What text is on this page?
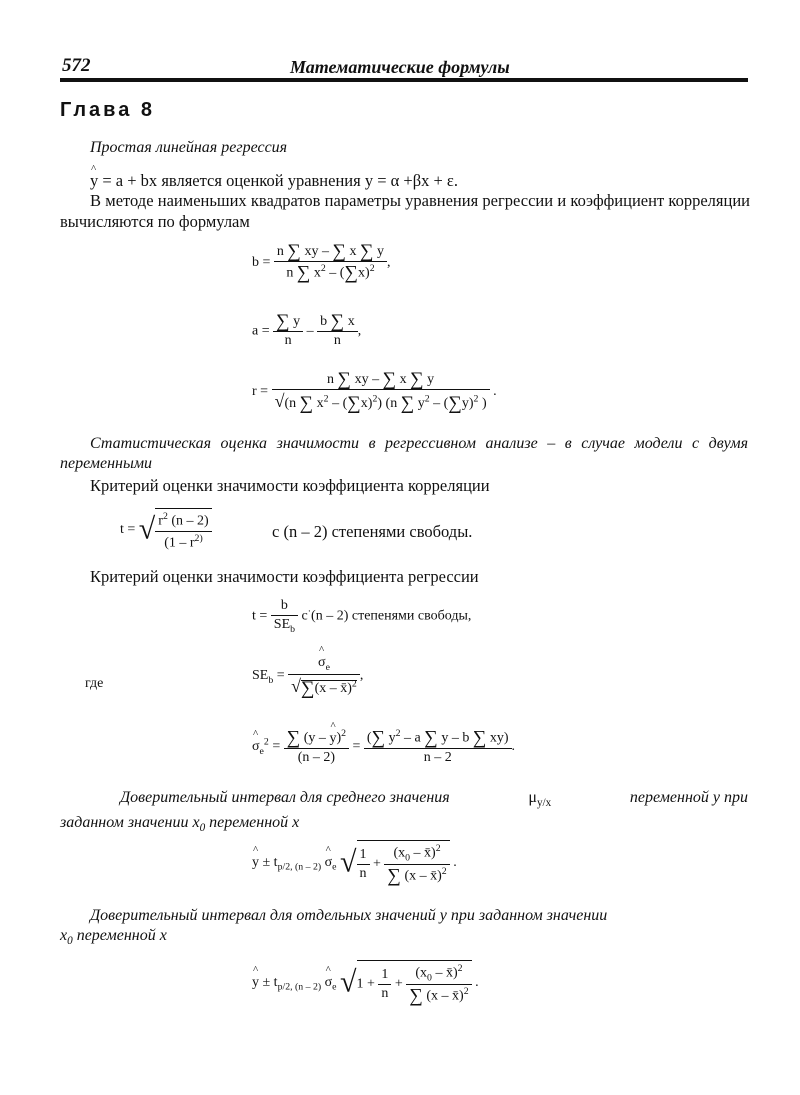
572	Математические формулы
Глава 8
Простая линейная регрессия
^ y = a + bx является оценкой уравнения y = α +βx + ε.
В методе наименьших квадратов параметры уравнения регрессии и коэффициент корреляции вычисляются по формулам
$b = \frac{n \sum xy - \sum x \sum y}{n \sum x^2 - (\sum x)^2}$ ,
$a = \frac{\sum y}{n} - \frac{b \sum x}{n}$ ,
$r = \frac{n \sum xy - \sum x \sum y}{√(n \sum x^2 - (\sum x)^2) (n \sum y^2 - (\sum y)^2 )}$ .
Статистическая оценка значимости в регрессивном анализе – в случае модели с двумя переменными
Критерий оценки значимости коэффициента корреляции
t = √ $\frac{r^2 (n - 2)}{(1 - r^{2)}}$	с (n – 2) степенями свободы.
Критерий оценки значимости коэффициента регрессии
$t = \frac{b}{SE_b} c^\cdot(n - 2)$ степенями свободы,
где
$SE_b$ = ^ $\frac{\sigma_e}{√\sum(x - x̄)^2}$ ,
^ $\sigma_e^2 = \frac{\sum (y - \^{} y)^2}{(n - 2)} = \frac{(\sum y^2 - a \sum y - b \sum xy)}{n - 2}$ .
Доверительный интервал для среднего значения	$\mu_{y/x}$	переменной у при
заданном значении $x_0$ переменной х
^ $y \pm t_{p/2, (n - 2)}$ ^ $\sigma_e$ √ $\frac{1}{n} + \frac{(x_0 - x̄)^2}{\sum (x - x̄)^2}$ .
Доверительный интервал для отдельных значений у при заданном значении
$x_0$ переменной х
^ $y \pm t_{p/2, (n - 2)}$ ^ $\sigma_e$ $√1 + \frac{1}{n} + \frac{(x_0 - x̄)^2}{\sum (x - x̄)^2}$ .
